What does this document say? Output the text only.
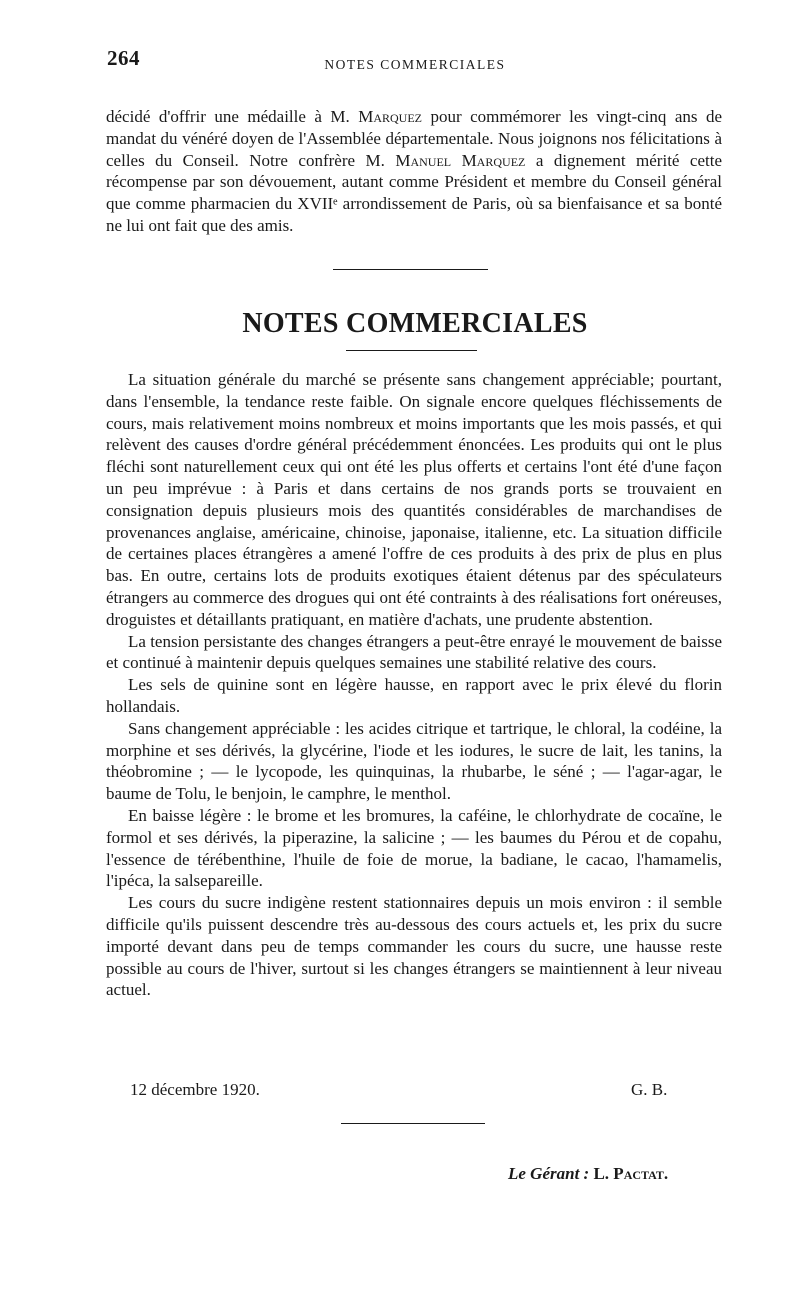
264	NOTES COMMERCIALES

décidé d'offrir une médaille à M. Marquez pour commémorer les vingt-cinq ans de mandat du vénéré doyen de l'Assemblée départementale. Nous joignons nos félicitations à celles du Conseil. Notre confrère M. Manuel Marquez a dignement mérité cette récompense par son dévouement, autant comme Président et membre du Conseil général que comme pharmacien du XVIIᵉ arrondissement de Paris, où sa bienfaisance et sa bonté ne lui ont fait que des amis.

NOTES COMMERCIALES

La situation générale du marché se présente sans changement appréciable; pourtant, dans l'ensemble, la tendance reste faible. On signale encore quelques fléchissements de cours, mais relativement moins nombreux et moins importants que les mois passés, et qui relèvent des causes d'ordre général précédemment énoncées. Les produits qui ont le plus fléchi sont naturellement ceux qui ont été les plus offerts et certains l'ont été d'une façon un peu imprévue : à Paris et dans certains de nos grands ports se trouvaient en consignation depuis plusieurs mois des quantités considérables de marchandises de provenances anglaise, américaine, chinoise, japonaise, italienne, etc. La situation difficile de certaines places étrangères a amené l'offre de ces produits à des prix de plus en plus bas. En outre, certains lots de produits exotiques étaient détenus par des spéculateurs étrangers au commerce des drogues qui ont été contraints à des réalisations fort onéreuses, droguistes et détaillants pratiquant, en matière d'achats, une prudente abstention.

La tension persistante des changes étrangers a peut-être enrayé le mouvement de baisse et continué à maintenir depuis quelques semaines une stabilité relative des cours.

Les sels de quinine sont en légère hausse, en rapport avec le prix élevé du florin hollandais.

Sans changement appréciable : les acides citrique et tartrique, le chloral, la codéine, la morphine et ses dérivés, la glycérine, l'iode et les iodures, le sucre de lait, les tanins, la théobromine ; — le lycopode, les quinquinas, la rhubarbe, le séné ; — l'agar-agar, le baume de Tolu, le benjoin, le camphre, le menthol.

En baisse légère : le brome et les bromures, la caféine, le chlorhydrate de cocaïne, le formol et ses dérivés, la piperazine, la salicine ; — les baumes du Pérou et de copahu, l'essence de térébenthine, l'huile de foie de morue, la badiane, le cacao, l'hamamelis, l'ipéca, la salsepareille.

Les cours du sucre indigène restent stationnaires depuis un mois environ : il semble difficile qu'ils puissent descendre très au-dessous des cours actuels et, les prix du sucre importé devant dans peu de temps commander les cours du sucre, une hausse reste possible au cours de l'hiver, surtout si les changes étrangers se maintiennent à leur niveau actuel.

12 décembre 1920.	G. B.
Le Gérant : L. Pactat.
